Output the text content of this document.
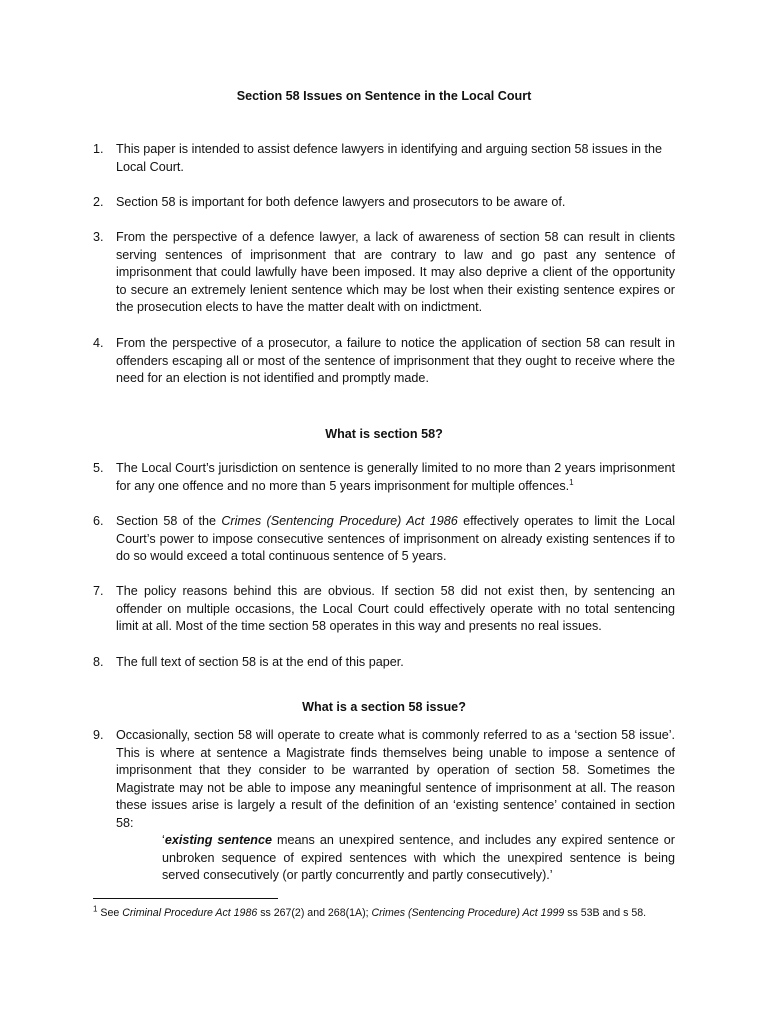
Section 58 Issues on Sentence in the Local Court
1. This paper is intended to assist defence lawyers in identifying and arguing section 58 issues in the Local Court.
2. Section 58 is important for both defence lawyers and prosecutors to be aware of.
3. From the perspective of a defence lawyer, a lack of awareness of section 58 can result in clients serving sentences of imprisonment that are contrary to law and go past any sentence of imprisonment that could lawfully have been imposed. It may also deprive a client of the opportunity to secure an extremely lenient sentence which may be lost when their existing sentence expires or the prosecution elects to have the matter dealt with on indictment.
4. From the perspective of a prosecutor, a failure to notice the application of section 58 can result in offenders escaping all or most of the sentence of imprisonment that they ought to receive where the need for an election is not identified and promptly made.
What is section 58?
5. The Local Court’s jurisdiction on sentence is generally limited to no more than 2 years imprisonment for any one offence and no more than 5 years imprisonment for multiple offences.$^1$
6. Section 58 of the Crimes (Sentencing Procedure) Act 1986 effectively operates to limit the Local Court’s power to impose consecutive sentences of imprisonment on already existing sentences if to do so would exceed a total continuous sentence of 5 years.
7. The policy reasons behind this are obvious. If section 58 did not exist then, by sentencing an offender on multiple occasions, the Local Court could effectively operate with no total sentencing limit at all. Most of the time section 58 operates in this way and presents no real issues.
8. The full text of section 58 is at the end of this paper.
What is a section 58 issue?
9. Occasionally, section 58 will operate to create what is commonly referred to as a ‘section 58 issue’. This is where at sentence a Magistrate finds themselves being unable to impose a sentence of imprisonment that they consider to be warranted by operation of section 58. Sometimes the Magistrate may not be able to impose any meaningful sentence of imprisonment at all. The reason these issues arise is largely a result of the definition of an ‘existing sentence’ contained in section 58:
‘existing sentence means an unexpired sentence, and includes any expired sentence or unbroken sequence of expired sentences with which the unexpired sentence is being served consecutively (or partly concurrently and partly consecutively).’
$^1$ See Criminal Procedure Act 1986 ss 267(2) and 268(1A); Crimes (Sentencing Procedure) Act 1999 ss 53B and s 58.
